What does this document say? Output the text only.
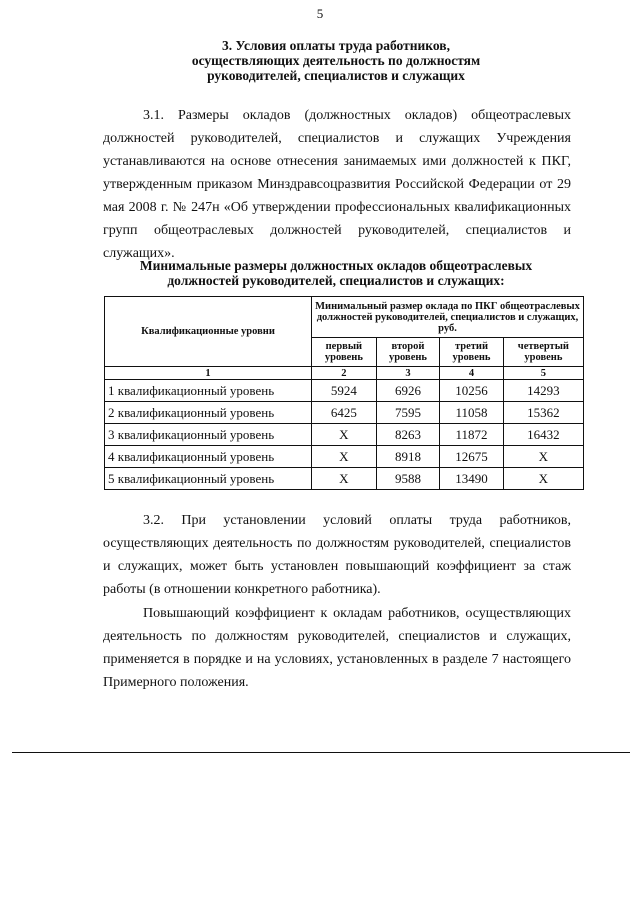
5
3. Условия оплаты труда работников,
осуществляющих деятельность по должностям
руководителей, специалистов и служащих

3.1. Размеры окладов (должностных окладов) общеотраслевых должностей руководителей, специалистов и служащих Учреждения устанавливаются на основе отнесения занимаемых ими должностей к ПКГ, утвержденным приказом Минздравсоцразвития Российской Федерации от 29 мая 2008 г. № 247н «Об утверждении профессиональных квалификационных групп общеотраслевых должностей руководителей, специалистов и служащих».

Минимальные размеры должностных окладов общеотраслевых
должностей руководителей, специалистов и служащих:
Квалификационные уровни	Минимальный размер оклада по ПКГ общеотраслевых должностей руководителей, специалистов и служащих, руб.			
	первый уровень	второй уровень	третий уровень	четвертый уровень
1	2	3	4	5
1 квалификационный уровень	5924	6926	10256	14293
2 квалификационный уровень	6425	7595	11058	15362
3 квалификационный уровень	Х	8263	11872	16432
4 квалификационный уровень	Х	8918	12675	Х
5 квалификационный уровень	Х	9588	13490	Х

3.2. При установлении условий оплаты труда работников, осуществляющих деятельность по должностям руководителей, специалистов и служащих, может быть установлен повышающий коэффициент за стаж работы (в отношении конкретного работника).

Повышающий коэффициент к окладам работников, осуществляющих деятельность по должностям руководителей, специалистов и служащих, применяется в порядке и на условиях, установленных в разделе 7 настоящего Примерного положения.
